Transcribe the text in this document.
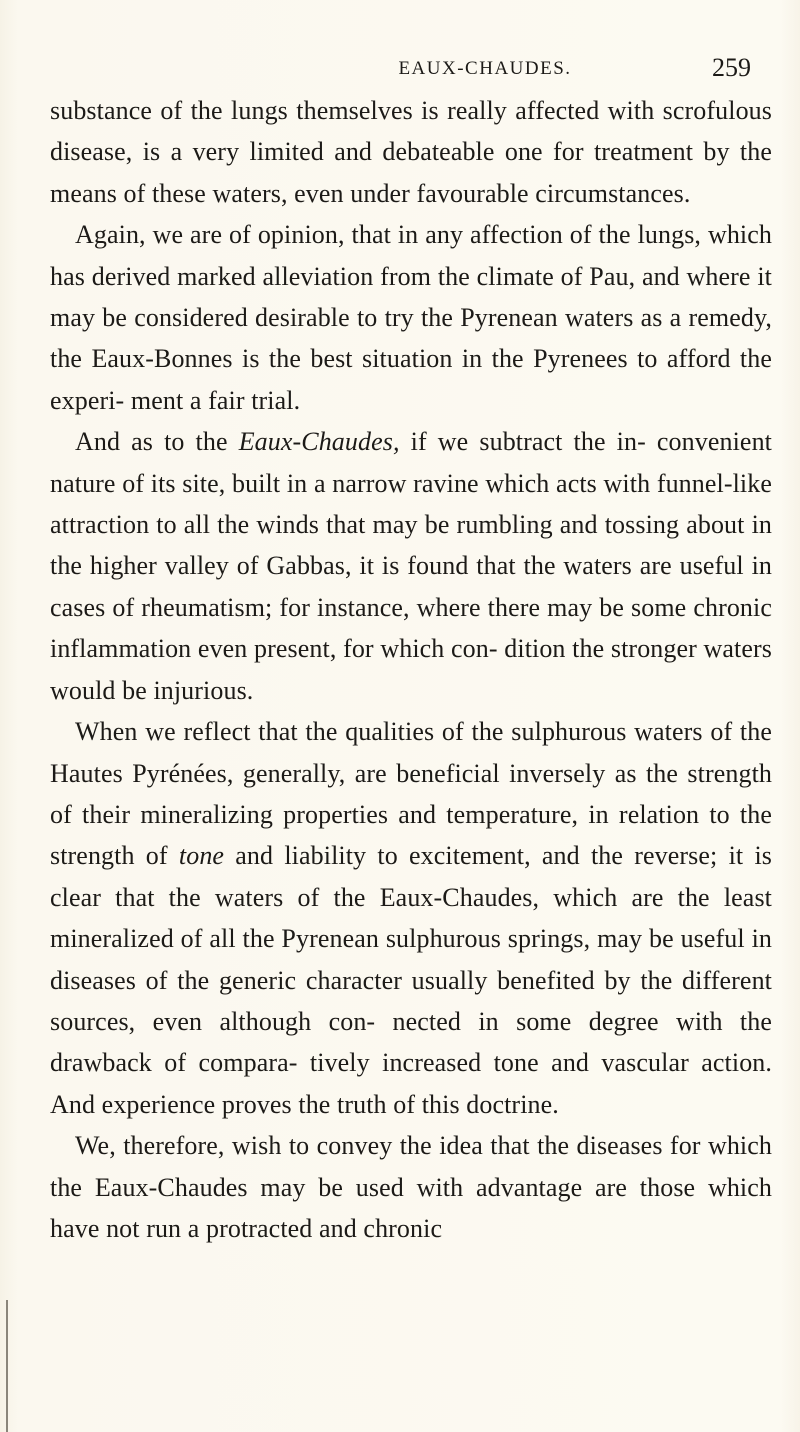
EAUX-CHAUDES.	259

substance of the lungs themselves is really affected with scrofulous disease, is a very limited and debateable one for treatment by the means of these waters, even under favourable circumstances.

Again, we are of opinion, that in any affection of the lungs, which has derived marked alleviation from the climate of Pau, and where it may be considered desirable to try the Pyrenean waters as a remedy, the Eaux-Bonnes is the best situation in the Pyrenees to afford the experi- ment a fair trial.

And as to the Eaux-Chaudes, if we subtract the in- convenient nature of its site, built in a narrow ravine which acts with funnel-like attraction to all the winds that may be rumbling and tossing about in the higher valley of Gabbas, it is found that the waters are useful in cases of rheumatism; for instance, where there may be some chronic inflammation even present, for which con- dition the stronger waters would be injurious.

When we reflect that the qualities of the sulphurous waters of the Hautes Pyrénées, generally, are beneficial inversely as the strength of their mineralizing properties and temperature, in relation to the strength of tone and liability to excitement, and the reverse; it is clear that the waters of the Eaux-Chaudes, which are the least mineralized of all the Pyrenean sulphurous springs, may be useful in diseases of the generic character usually benefited by the different sources, even although con- nected in some degree with the drawback of compara- tively increased tone and vascular action. And experience proves the truth of this doctrine.

We, therefore, wish to convey the idea that the diseases for which the Eaux-Chaudes may be used with advantage are those which have not run a protracted and chronic
